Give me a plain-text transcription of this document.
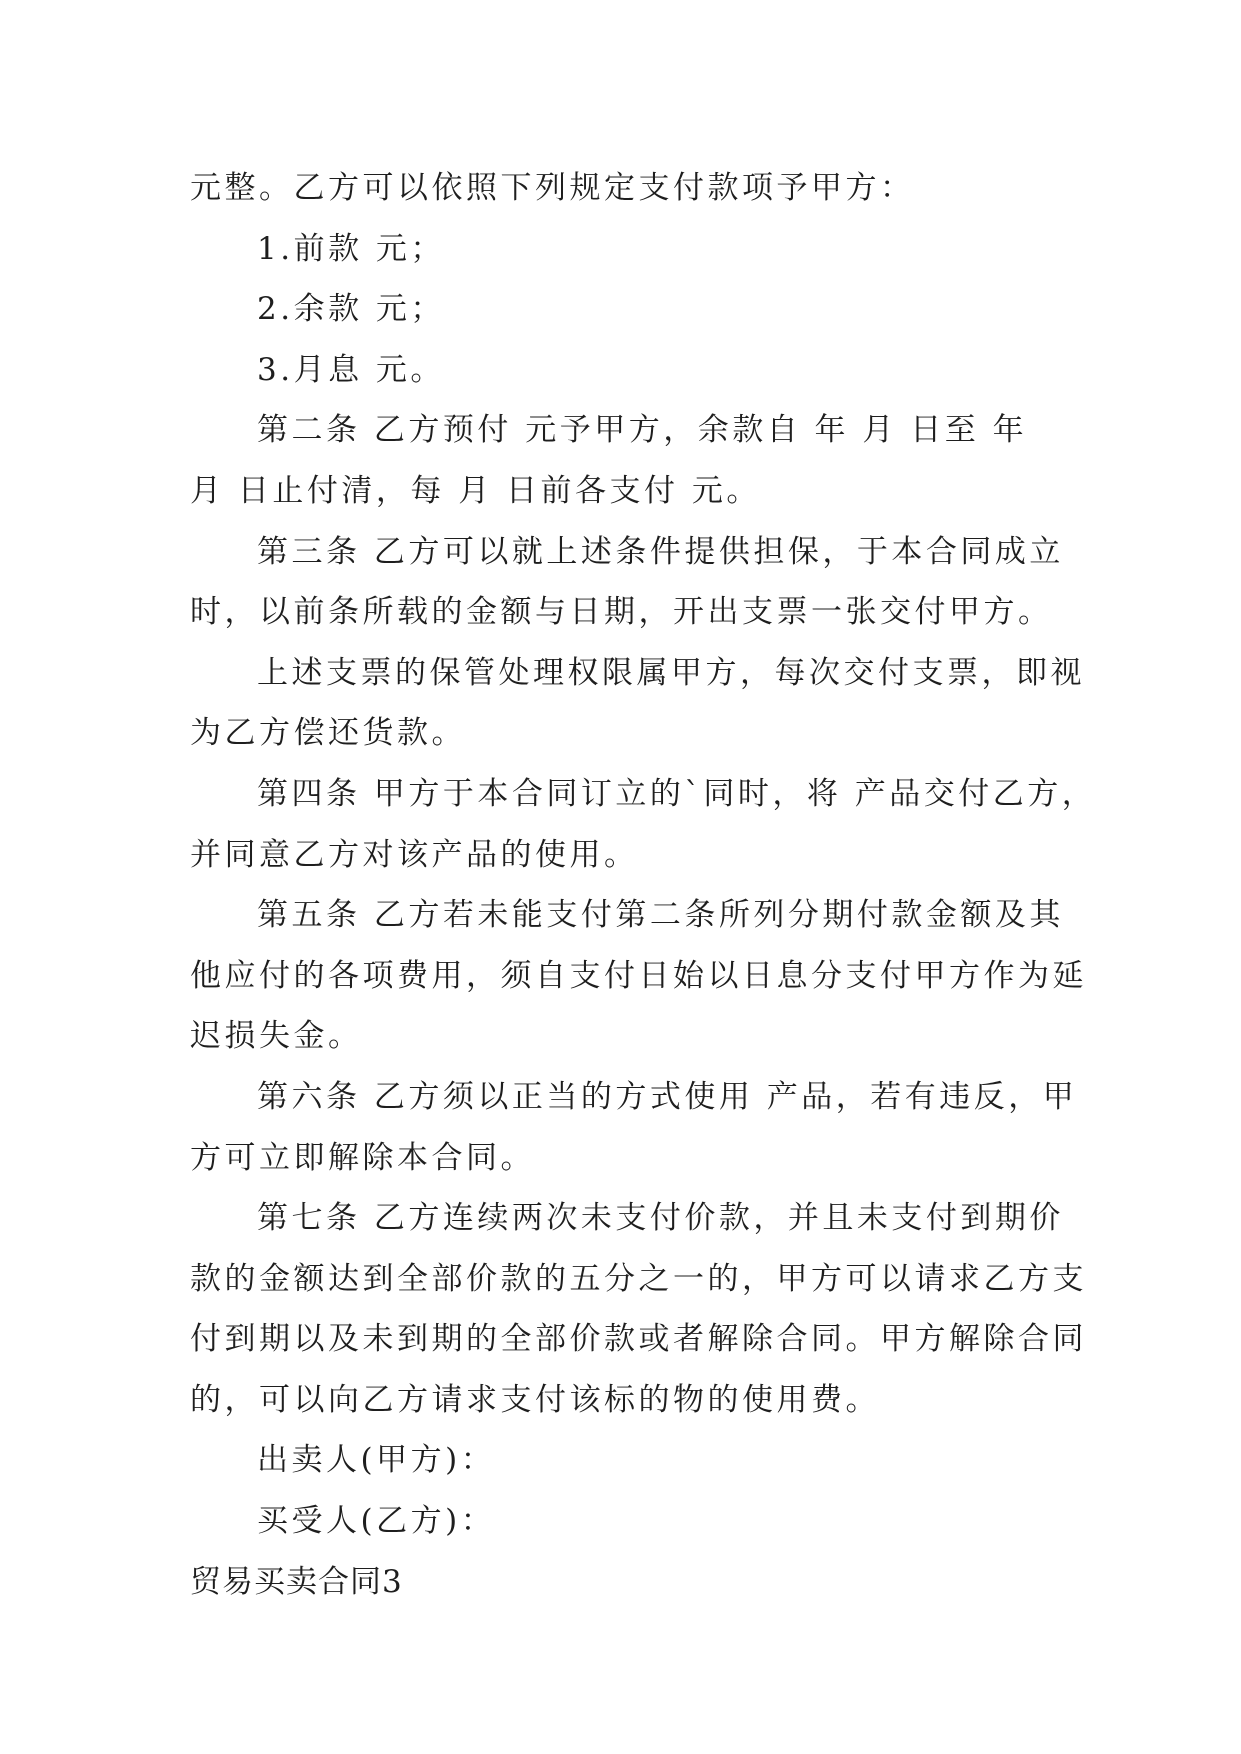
元整。乙方可以依照下列规定支付款项予甲方：
1.前款 元；
2.余款 元；
3.月息 元。
第二条 乙方预付 元予甲方，余款自 年 月 日至 年
月 日止付清，每 月 日前各支付 元。
第三条 乙方可以就上述条件提供担保，于本合同成立
时，以前条所载的金额与日期，开出支票一张交付甲方。
上述支票的保管处理权限属甲方，每次交付支票，即视
为乙方偿还货款。
第四条 甲方于本合同订立的`同时，将 产品交付乙方，
并同意乙方对该产品的使用。
第五条 乙方若未能支付第二条所列分期付款金额及其
他应付的各项费用，须自支付日始以日息分支付甲方作为延
迟损失金。
第六条 乙方须以正当的方式使用 产品，若有违反，甲
方可立即解除本合同。
第七条 乙方连续两次未支付价款，并且未支付到期价
款的金额达到全部价款的五分之一的，甲方可以请求乙方支
付到期以及未到期的全部价款或者解除合同。甲方解除合同
的，可以向乙方请求支付该标的物的使用费。
出卖人(甲方)：
买受人(乙方)：
贸易买卖合同3
